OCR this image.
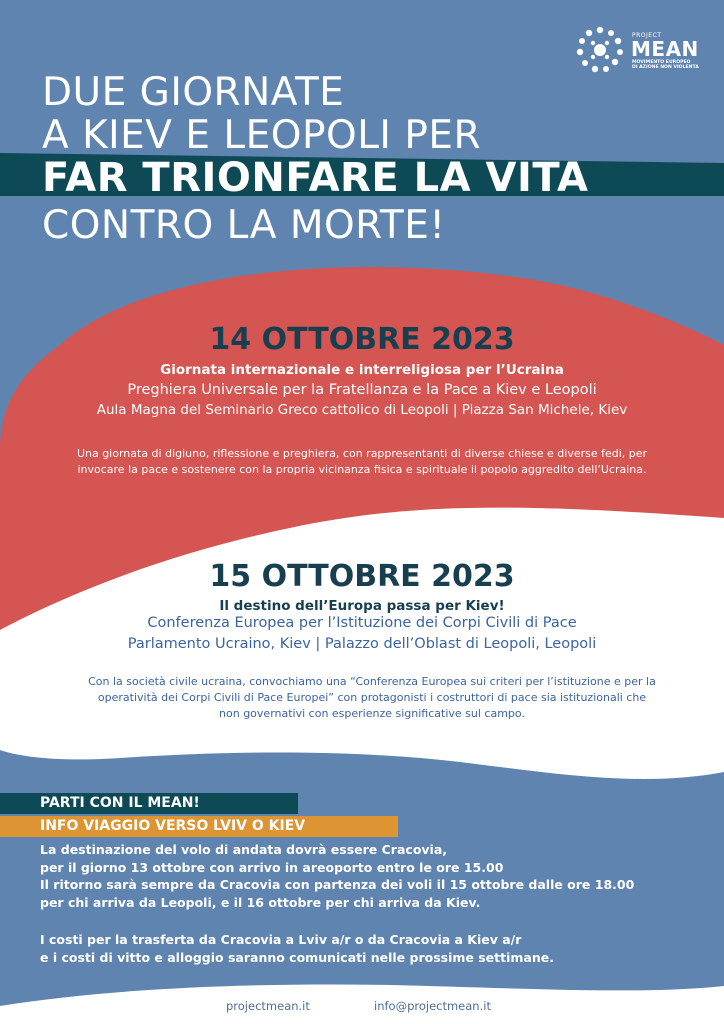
PROJECT
MEAN
MOVIMENTO EUROPEO
DI AZIONE NON VIOLENTA
DUE GIORNATE
A KIEV E LEOPOLI PER
FAR TRIONFARE LA VITA
CONTRO LA MORTE!
14 OTTOBRE 2023
Giornata internazionale e interreligiosa per l’Ucraina
Preghiera Universale per la Fratellanza e la Pace a Kiev e Leopoli
Aula Magna del Seminario Greco cattolico di Leopoli | Piazza San Michele, Kiev
Una giornata di digiuno, riflessione e preghiera, con rappresentanti di diverse chiese e diverse fedi, per
invocare la pace e sostenere con la propria vicinanza fisica e spirituale il popolo aggredito dell’Ucraina.
15 OTTOBRE 2023
Il destino dell’Europa passa per Kiev!
Conferenza Europea per l’Istituzione dei Corpi Civili di Pace
Parlamento Ucraino, Kiev | Palazzo dell’Oblast di Leopoli, Leopoli
Con la società civile ucraina, convochiamo una “Conferenza Europea sui criteri per l’istituzione e per la
operatività dei Corpi Civili di Pace Europei” con protagonisti i costruttori di pace sia istituzionali che
non governativi con esperienze significative sul campo.
PARTI CON IL MEAN!
INFO VIAGGIO VERSO LVIV O KIEV
La destinazione del volo di andata dovrà essere Cracovia,
per il giorno 13 ottobre con arrivo in areoporto entro le ore 15.00
Il ritorno sarà sempre da Cracovia con partenza dei voli il 15 ottobre dalle ore 18.00
per chi arriva da Leopoli, e il 16 ottobre per chi arriva da Kiev.
I costi per la trasferta da Cracovia a Lviv a/r o da Cracovia a Kiev a/r
e i costi di vitto e alloggio saranno comunicati nelle prossime settimane.
projectmean.it	info@projectmean.it
